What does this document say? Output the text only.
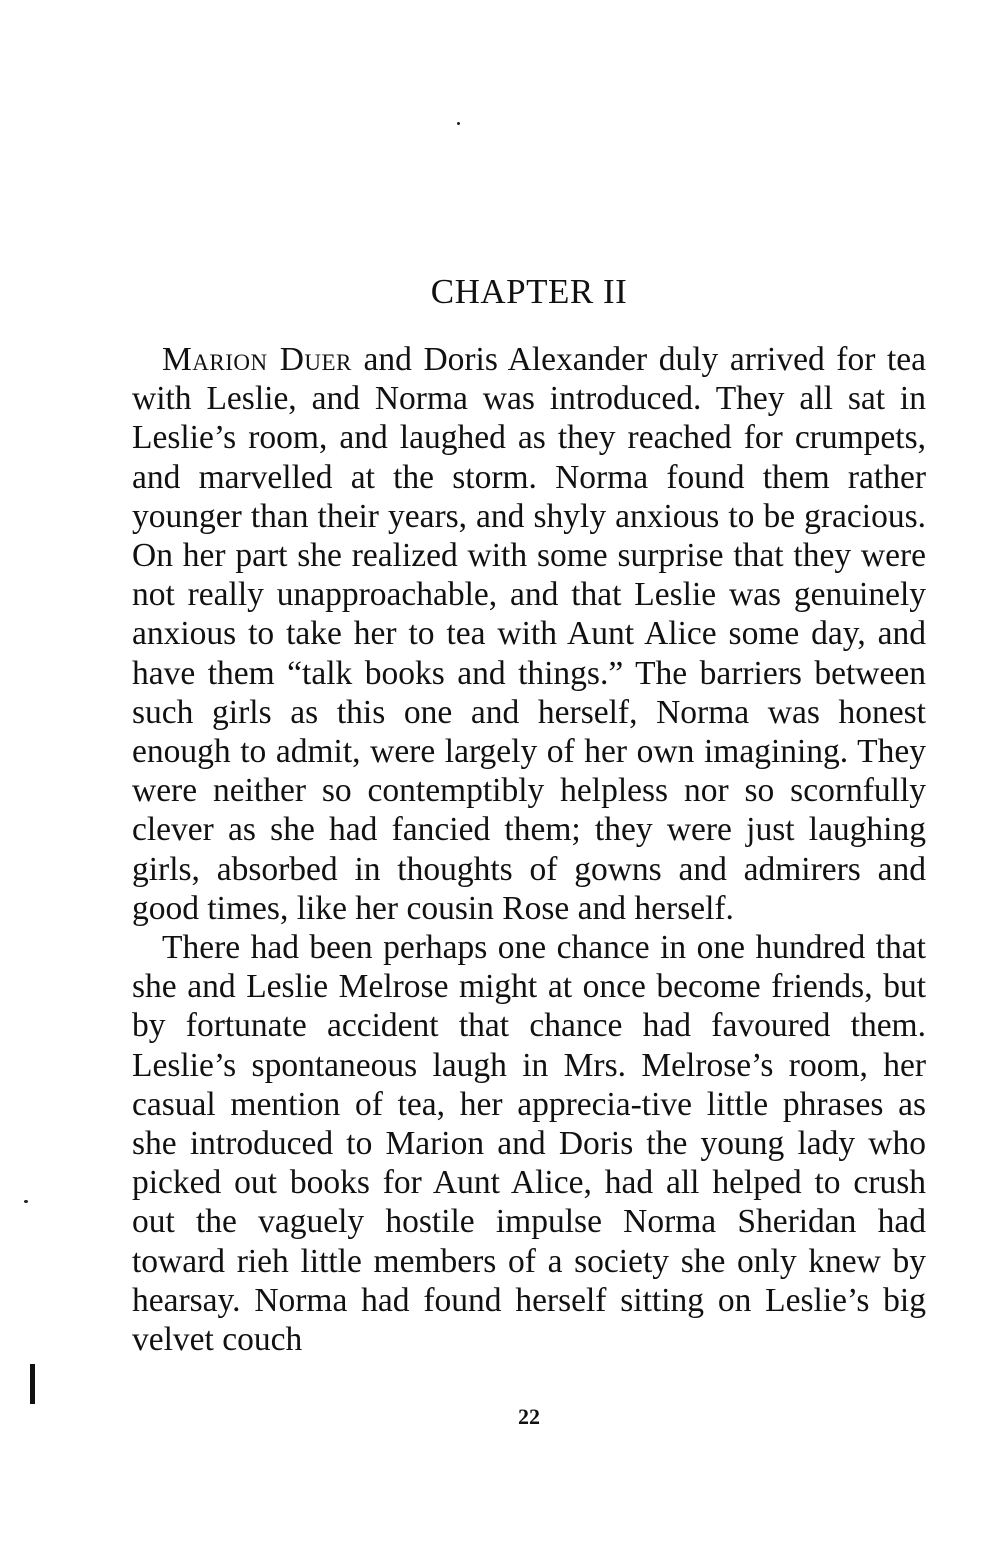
CHAPTER II

Marion Duer and Doris Alexander duly arrived for tea with Leslie, and Norma was introduced. They all sat in Leslie’s room, and laughed as they reached for crumpets, and marvelled at the storm. Norma found them rather younger than their years, and shyly anxious to be gracious. On her part she realized with some surprise that they were not really unapproachable, and that Leslie was genuinely anxious to take her to tea with Aunt Alice some day, and have them “talk books and things.” The barriers between such girls as this one and herself, Norma was honest enough to admit, were largely of her own imagining. They were neither so contemptibly helpless nor so scornfully clever as she had fancied them; they were just laughing girls, absorbed in thoughts of gowns and admirers and good times, like her cousin Rose and herself.

There had been perhaps one chance in one hundred that she and Leslie Melrose might at once become friends, but by fortunate accident that chance had favoured them. Leslie’s spontaneous laugh in Mrs. Melrose’s room, her casual mention of tea, her apprecia-tive little phrases as she introduced to Marion and Doris the young lady who picked out books for Aunt Alice, had all helped to crush out the vaguely hostile impulse Norma Sheridan had toward rieh little members of a society she only knew by hearsay. Norma had found herself sitting on Leslie’s big velvet couch

22
